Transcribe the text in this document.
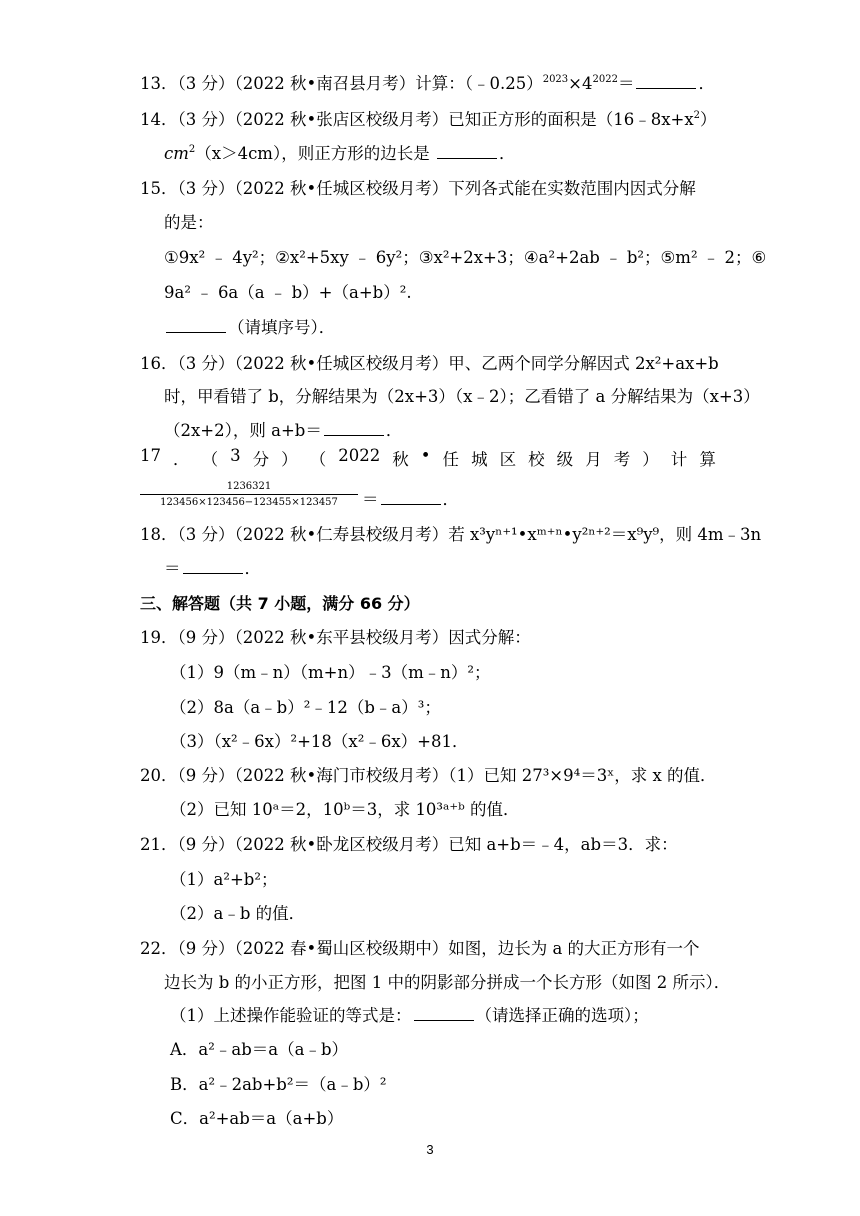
13．（3 分）（2022 秋•南召县月考）计算：$(﹣0.25)^{2023}\times 4^{2022}=$	．
14．（3 分）（2022 秋•张店区校级月考）已知正方形的面积是$(16﹣8x+x^2)$
$cm^2(x>4cm)$，则正方形的边长是	．
15．（3 分）（2022 秋•任城区校级月考）下列各式能在实数范围内因式分解
的是：
①9x² ﹣ 4y²；②x²+5xy ﹣ 6y²；③x²+2x+3；④a²+2ab ﹣ b²；⑤m² ﹣ 2；⑥
9a² ﹣ 6a（a ﹣ b）+（a+b）².
（请填序号）．
16．（3 分）（2022 秋•任城区校级月考）甲、乙两个同学分解因式 2x²+ax+b
时，甲看错了 b，分解结果为（2x+3）（x﹣2）；乙看错了 a 分解结果为（x+3）
（2x+2），则 a+b＝	．
17 ． （ 3 分 ） （ 2022 秋 • 任 城 区 校 级 月 考 ） 计 算
1236321
123456×123456−123455×123457	＝	．
18．（3 分）（2022 秋•仁寿县校级月考）若 x³yⁿ⁺¹•xᵐ⁺ⁿ•y²ⁿ⁺²＝x⁹y⁹，则 4m﹣3n
＝	．
三、解答题（共 7 小题，满分 66 分）
19．（9 分）（2022 秋•东平县校级月考）因式分解：
（1）9（m﹣n）（m+n）﹣3（m﹣n）²；
（2）8a（a﹣b）²﹣12（b﹣a）³；
（3）（x²﹣6x）²+18（x²﹣6x）+81．
20．（9 分）（2022 秋•海门市校级月考）（1）已知 27³×9⁴＝3ˣ，求 x 的值．
（2）已知 10ᵃ＝2，10ᵇ＝3，求 10³ᵃ⁺ᵇ 的值．
21．（9 分）（2022 秋•卧龙区校级月考）已知 a+b＝﹣4，ab＝3．求：
（1）a²+b²；
（2）a﹣b 的值．
22．（9 分）（2022 春•蜀山区校级期中）如图，边长为 a 的大正方形有一个
边长为 b 的小正方形，把图 1 中的阴影部分拼成一个长方形（如图 2 所示）．
（1）上述操作能验证的等式是：	（请选择正确的选项）；
A．a²﹣ab＝a（a﹣b）
B．a²﹣2ab+b²＝（a﹣b）²
C．a²+ab＝a（a+b）
3
